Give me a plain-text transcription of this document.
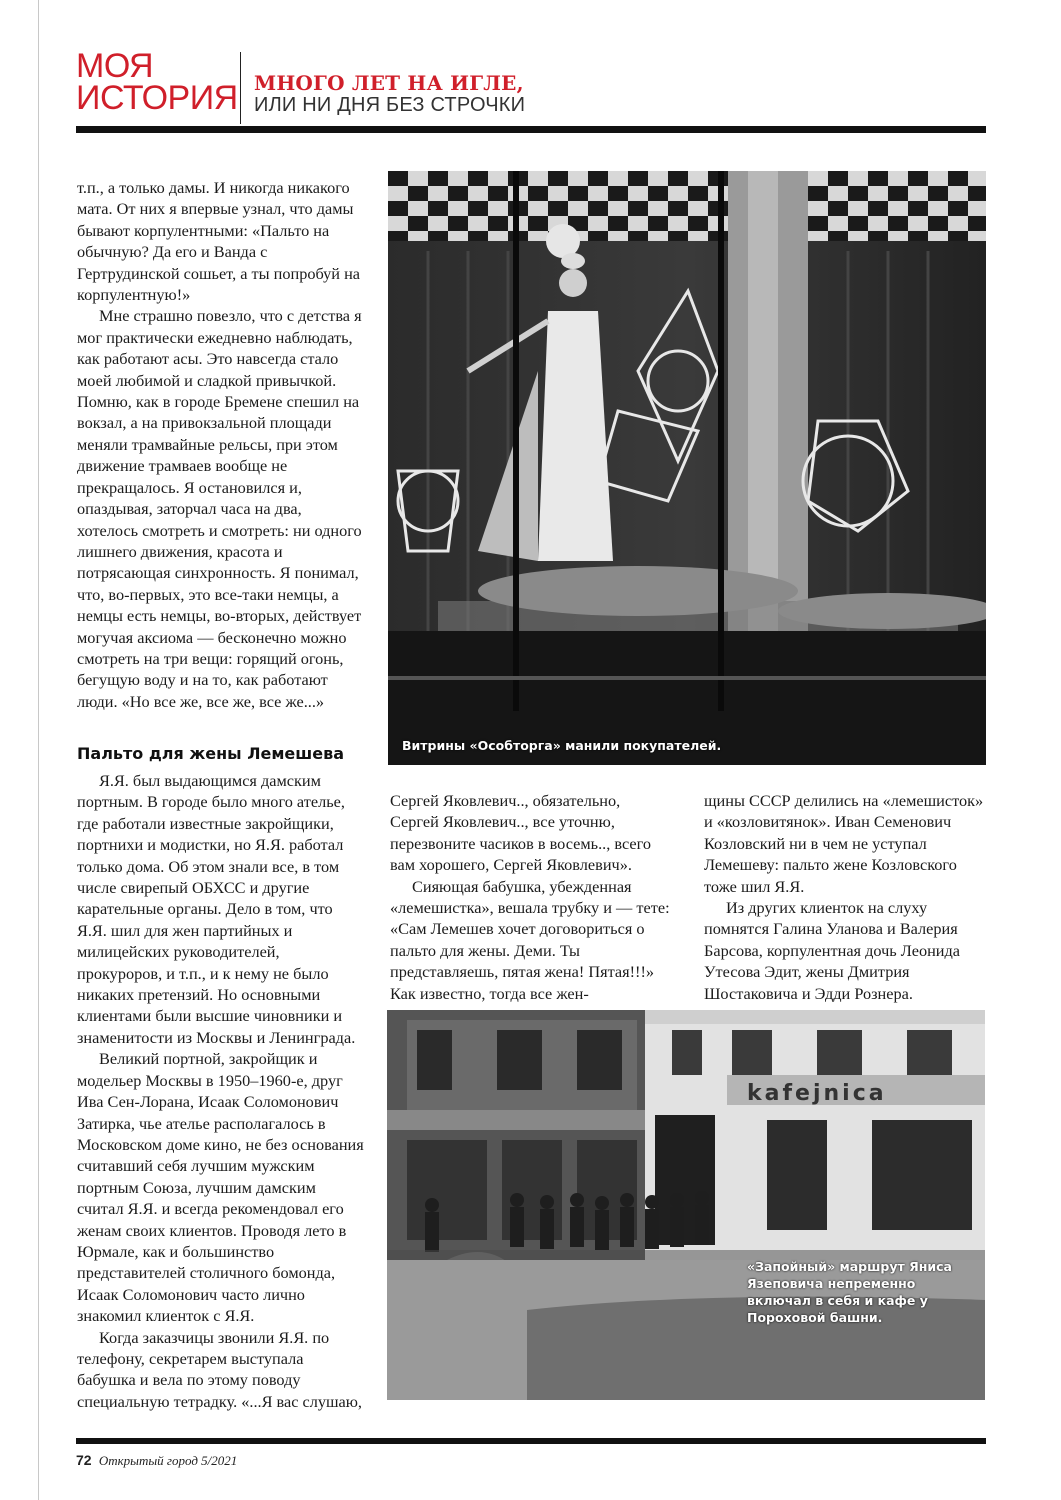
МОЯ
ИСТОРИЯ МНОГО ЛЕТ НА ИГЛЕ,
ИЛИ НИ ДНЯ БЕЗ СТРОЧКИ

т.п., а только дамы. И никогда никакого мата. От них я впервые узнал, что дамы бывают корпулентными: «Пальто на обычную? Да его и Ванда с Гертрудинской сошьет, а ты попробуй на корпулентную!»

Мне страшно повезло, что с детства я мог практически ежедневно наблюдать, как работают асы. Это навсегда стало моей любимой и сладкой привычкой. Помню, как в городе Бремене спешил на вокзал, а на привокзальной площади меняли трамвайные рельсы, при этом движение трамваев вообще не прекращалось. Я остановился и, опаздывая, заторчал часа на два, хотелось смотреть и смотреть: ни одного лишнего движения, красота и потрясающая синхронность. Я понимал, что, во-первых, это все-таки немцы, а немцы есть немцы, во-вторых, действует могучая аксиома — бесконечно можно смотреть на три вещи: горящий огонь, бегущую воду и на то, как работают люди. «Но все же, все же, все же...»

Пальто для жены Лемешева

Я.Я. был выдающимся дамским портным. В городе было много ателье, где работали известные закройщики, портнихи и модистки, но Я.Я. работал только дома. Об этом знали все, в том числе свирепый ОБХСС и другие карательные органы. Дело в том, что Я.Я. шил для жен партийных и милицейских руководителей, прокуроров, и т.п., и к нему не было никаких претензий. Но основными клиентами были высшие чиновники и знаменитости из Москвы и Ленинграда.

Великий портной, закройщик и модельер Москвы в 1950–1960-е, друг Ива Сен-Лорана, Исаак Соломонович Затирка, чье ателье располагалось в Московском доме кино, не без основания считавший себя лучшим мужским портным Союза, лучшим дамским считал Я.Я. и всегда рекомендовал его женам своих клиентов. Проводя лето в Юрмале, как и большинство представителей столичного бомонда, Исаак Соломонович часто лично знакомил клиенток с Я.Я.

Когда заказчицы звонили Я.Я. по телефону, секретарем выступала бабушка и вела по этому поводу специальную тетрадку. «...Я вас слушаю,

Витрины «Особторга» манили покупателей.

Сергей Яковлевич.., обязательно, Сергей Яковлевич.., все уточню, перезвоните часиков в восемь.., всего вам хорошего, Сергей Яковлевич».

Сияющая бабушка, убежденная «лемешистка», вешала трубку и — тете: «Сам Лемешев хочет договориться о пальто для жены. Деми. Ты представляешь, пятая жена! Пятая!!!» Как известно, тогда все жен-

щины СССР делились на «лемешисток» и «козловитянок». Иван Семенович Козловский ни в чем не уступал Лемешеву: пальто жене Козловского тоже шил Я.Я.

Из других клиенток на слуху помнятся Галина Уланова и Валерия Барсова, корпулентная дочь Леонида Утесова Эдит, жены Дмитрия Шостаковича и Эдди Рознера.

kafejnica
«Запойный» маршрут Яниса Язеповича непременно включал в себя и кафе у Пороховой башни.
72 Открытый город 5/2021
